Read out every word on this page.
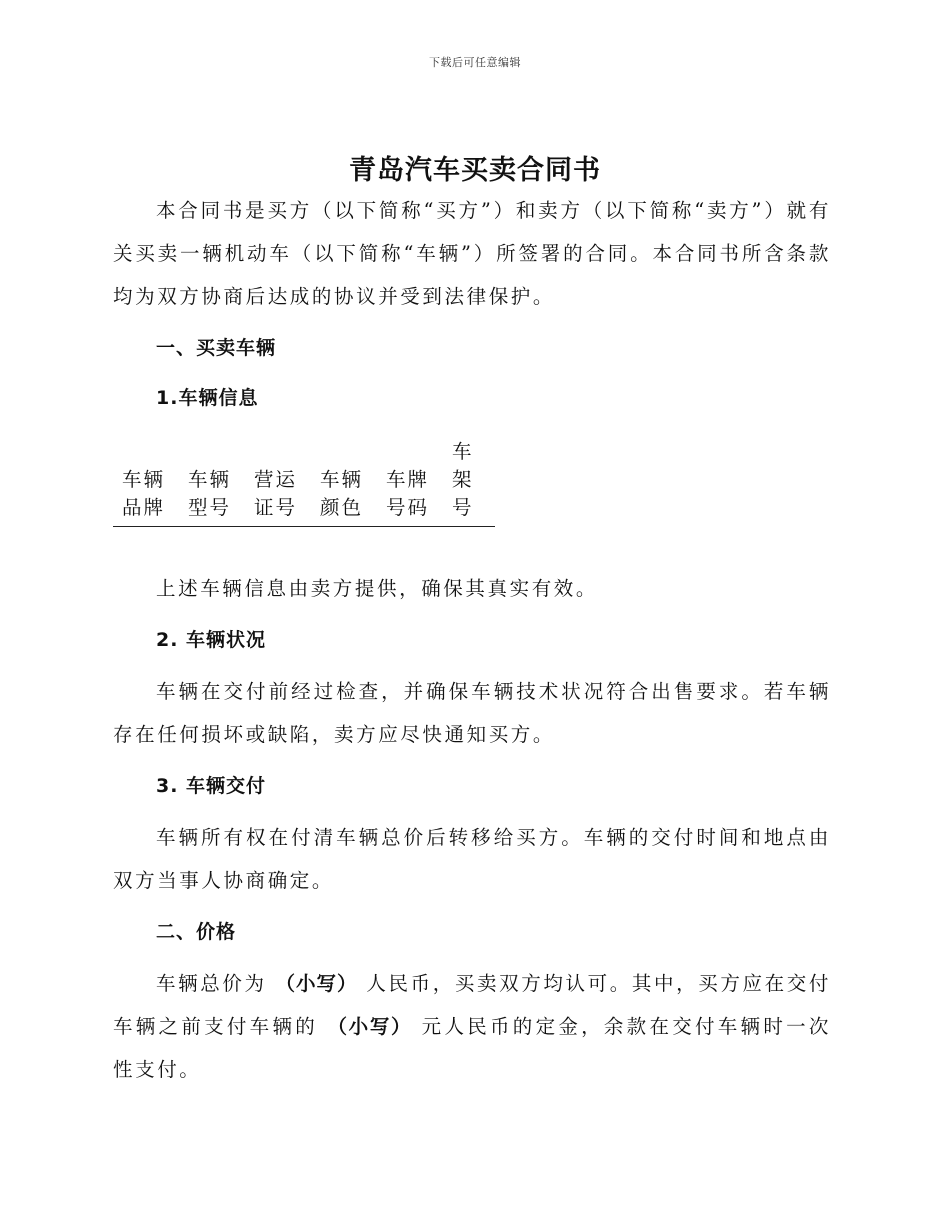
下载后可任意编辑
青岛汽车买卖合同书

本合同书是买方（以下简称“买方”）和卖方（以下简称“卖方”）就有关买卖一辆机动车（以下简称“车辆”）所签署的合同。本合同书所含条款均为双方协商后达成的协议并受到法律保护。

一、买卖车辆
1.车辆信息
车辆
品牌
车辆
型号
营运
证号
车辆
颜色
车牌
号码
车
架
号

上述车辆信息由卖方提供，确保其真实有效。

2. 车辆状况

车辆在交付前经过检查，并确保车辆技术状况符合出售要求。若车辆存在任何损坏或缺陷，卖方应尽快通知买方。

3. 车辆交付

车辆所有权在付清车辆总价后转移给买方。车辆的交付时间和地点由双方当事人协商确定。

二、价格

车辆总价为 （小写） 人民币，买卖双方均认可。其中，买方应在交付车辆之前支付车辆的 （小写） 元人民币的定金，余款在交付车辆时一次性支付。
